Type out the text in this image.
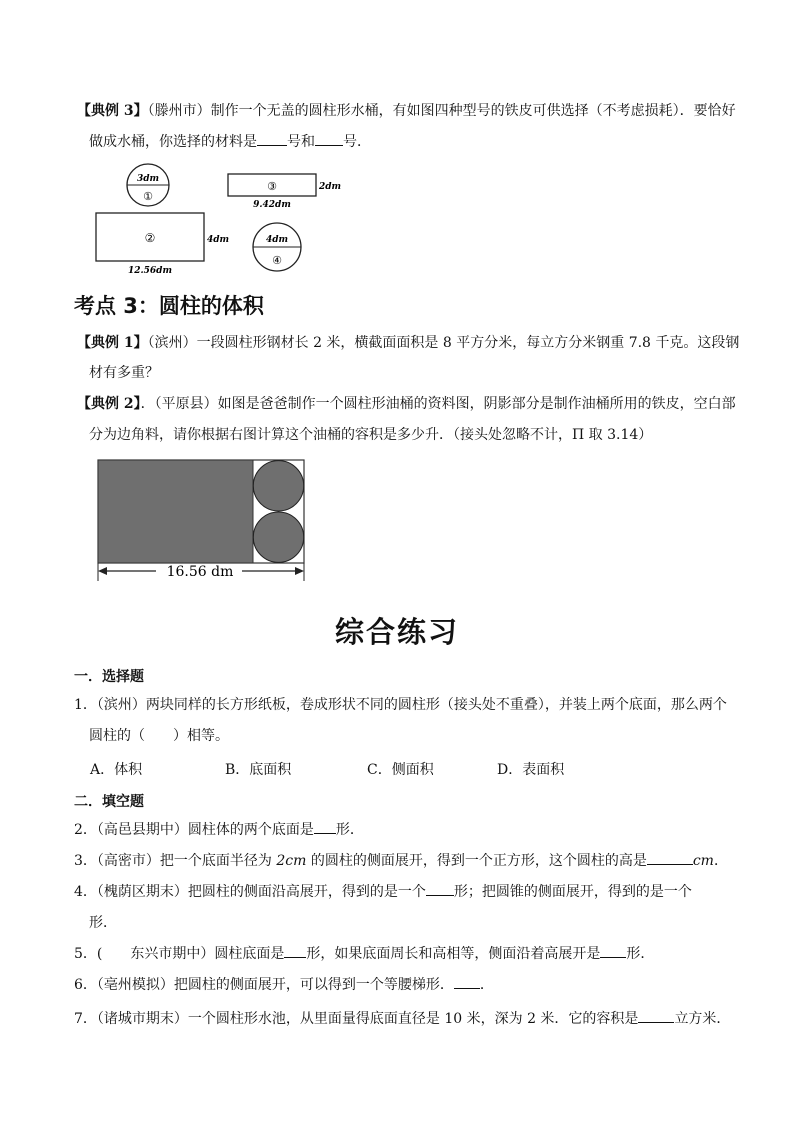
【典例 3】（滕州市）制作一个无盖的圆柱形水桶，有如图四种型号的铁皮可供选择（不考虑损耗）．要恰好
做成水桶，你选择的材料是 号和 号．
3dm
①
③	2dm
9.42dm
②	4dm
12.56dm
4dm
④
考点 3：圆柱的体积
【典例 1】（滨州）一段圆柱形钢材长 2 米，横截面面积是 8 平方分米，每立方分米钢重 7.8 千克。这段钢
材有多重？
【典例 2】．（平原县）如图是爸爸制作一个圆柱形油桶的资料图，阴影部分是制作油桶所用的铁皮，空白部
分为边角料，请你根据右图计算这个油桶的容积是多少升．（接头处忽略不计，Π 取 3.14）
16.56 dm
综合练习
一．选择题
1．（滨州）两块同样的长方形纸板，卷成形状不同的圆柱形（接头处不重叠），并装上两个底面，那么两个
圆柱的（　　）相等。
A．体积	B．底面积	C．侧面积	D．表面积
二．填空题
2．（高邑县期中）圆柱体的两个底面是 形．
3．（高密市）把一个底面半径为 2cm 的圆柱的侧面展开，得到一个正方形，这个圆柱的高是	cm．
4．（槐荫区期末）把圆柱的侧面沿高展开，得到的是一个 形；把圆锥的侧面展开，得到的是一个
形．
5．(　　东兴市期中）圆柱底面是 形，如果底面周长和高相等，侧面沿着高展开是 形．
6．（亳州模拟）把圆柱的侧面展开，可以得到一个等腰梯形． ．
7．（诸城市期末）一个圆柱形水池，从里面量得底面直径是 10 米，深为 2 米．它的容积是	立方米．
